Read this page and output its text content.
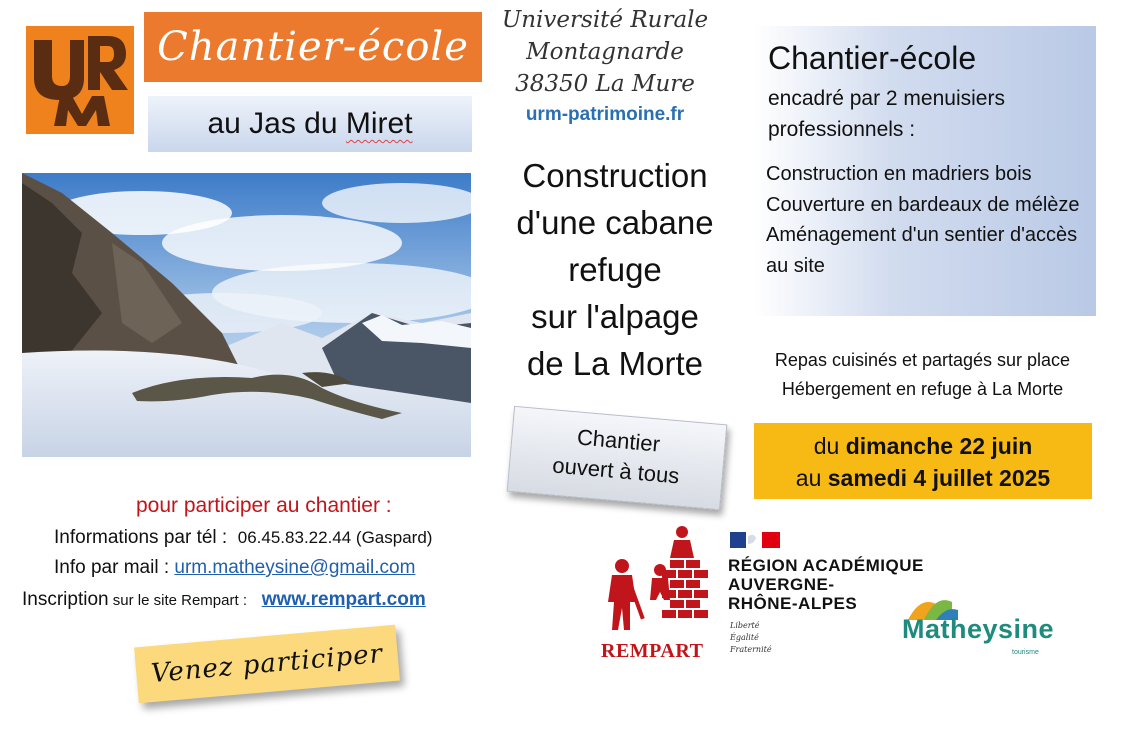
Chantier-école
au Jas du Miret
Université Rurale
Montagnarde
38350 La Mure
urm-patrimoine.fr
Construction
d'une cabane
refuge
sur l'alpage
de La Morte
Chantier-école
encadré par 2 menuisiers professionnels :
Construction en madriers bois
Couverture en bardeaux de mélèze
Aménagement d'un sentier d'accès au site
Repas cuisinés et partagés sur place
Hébergement en refuge à La Morte
du dimanche 22 juin
au samedi 4 juillet 2025
Chantier
ouvert à tous
pour participer au chantier :
Informations par tél : 06.45.83.22.44 (Gaspard)
Info par mail : urm.matheysine@gmail.com
Inscription sur le site Rempart :   www.rempart.com
Venez participer	REMPART
RÉGION ACADÉMIQUE
AUVERGNE-
RHÔNE-ALPES
Liberté
Égalité
Fraternité
Matheysine
tourisme
